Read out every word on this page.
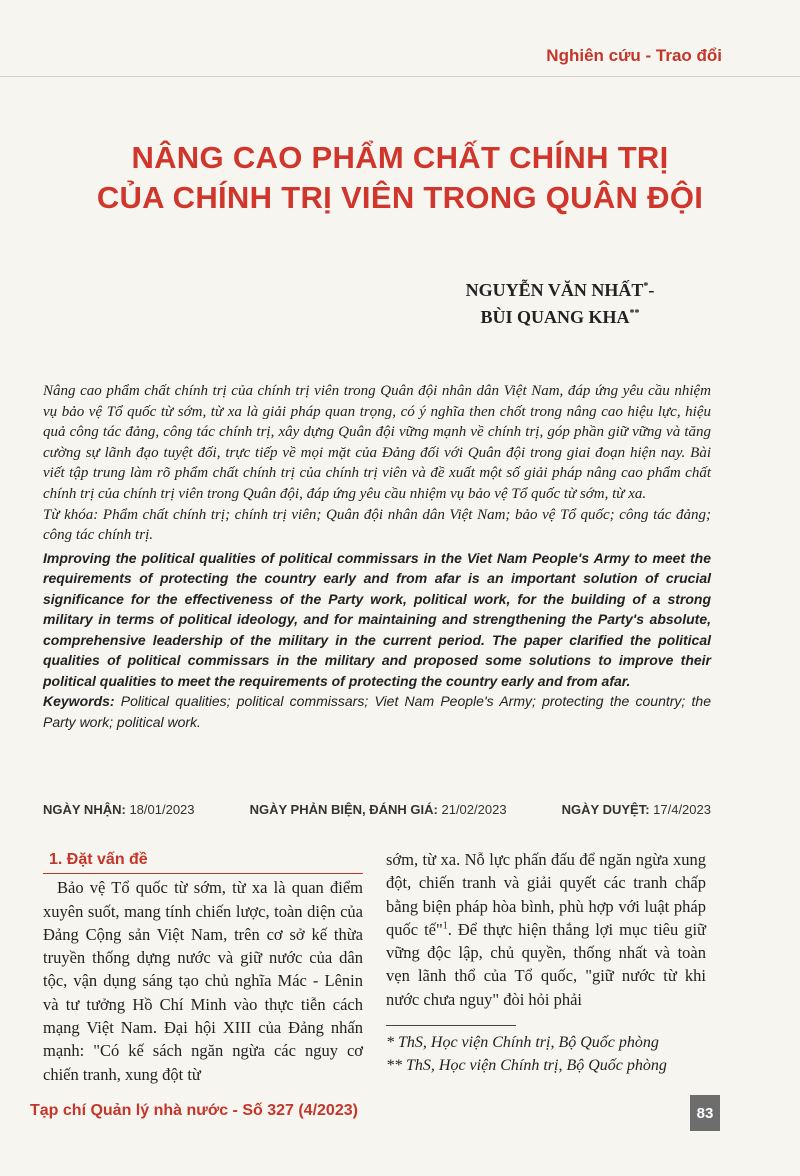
Nghiên cứu - Trao đổi
NÂNG CAO PHẨM CHẤT CHÍNH TRỊ
CỦA CHÍNH TRỊ VIÊN TRONG QUÂN ĐỘI
NGUYỄN VĂN NHẤT*-
BÙI QUANG KHA**

Nâng cao phẩm chất chính trị của chính trị viên trong Quân đội nhân dân Việt Nam, đáp ứng yêu cầu nhiệm vụ bảo vệ Tổ quốc từ sớm, từ xa là giải pháp quan trọng, có ý nghĩa then chốt trong nâng cao hiệu lực, hiệu quả công tác đảng, công tác chính trị, xây dựng Quân đội vững mạnh về chính trị, góp phần giữ vững và tăng cường sự lãnh đạo tuyệt đối, trực tiếp về mọi mặt của Đảng đối với Quân đội trong giai đoạn hiện nay. Bài viết tập trung làm rõ phẩm chất chính trị của chính trị viên và đề xuất một số giải pháp nâng cao phẩm chất chính trị của chính trị viên trong Quân đội, đáp ứng yêu cầu nhiệm vụ bảo vệ Tổ quốc từ sớm, từ xa.

Từ khóa: Phẩm chất chính trị; chính trị viên; Quân đội nhân dân Việt Nam; bảo vệ Tổ quốc; công tác đảng; công tác chính trị.

Improving the political qualities of political commissars in the Viet Nam People's Army to meet the requirements of protecting the country early and from afar is an important solution of crucial significance for the effectiveness of the Party work, political work, for the building of a strong military in terms of political ideology, and for maintaining and strengthening the Party's absolute, comprehensive leadership of the military in the current period. The paper clarified the political qualities of political commissars in the military and proposed some solutions to improve their political qualities to meet the requirements of protecting the country early and from afar.

Keywords: Political qualities; political commissars; Viet Nam People's Army; protecting the country; the Party work; political work.

NGÀY NHẬN: 18/01/2023	NGÀY PHẢN BIỆN, ĐÁNH GIÁ: 21/02/2023	NGÀY DUYỆT: 17/4/2023
1. Đặt vấn đề

Bảo vệ Tổ quốc từ sớm, từ xa là quan điểm xuyên suốt, mang tính chiến lược, toàn diện của Đảng Cộng sản Việt Nam, trên cơ sở kế thừa truyền thống dựng nước và giữ nước của dân tộc, vận dụng sáng tạo chủ nghĩa Mác - Lênin và tư tưởng Hồ Chí Minh vào thực tiễn cách mạng Việt Nam. Đại hội XIII của Đảng nhấn mạnh: "Có kế sách ngăn ngừa các nguy cơ chiến tranh, xung đột từ

sớm, từ xa. Nỗ lực phấn đấu để ngăn ngừa xung đột, chiến tranh và giải quyết các tranh chấp bằng biện pháp hòa bình, phù hợp với luật pháp quốc tế"$^1$. Để thực hiện thắng lợi mục tiêu giữ vững độc lập, chủ quyền, thống nhất và toàn vẹn lãnh thổ của Tổ quốc, "giữ nước từ khi nước chưa nguy" đòi hỏi phải

* ThS, Học viện Chính trị, Bộ Quốc phòng
** ThS, Học viện Chính trị, Bộ Quốc phòng
Tạp chí Quản lý nhà nước - Số 327 (4/2023)	83
